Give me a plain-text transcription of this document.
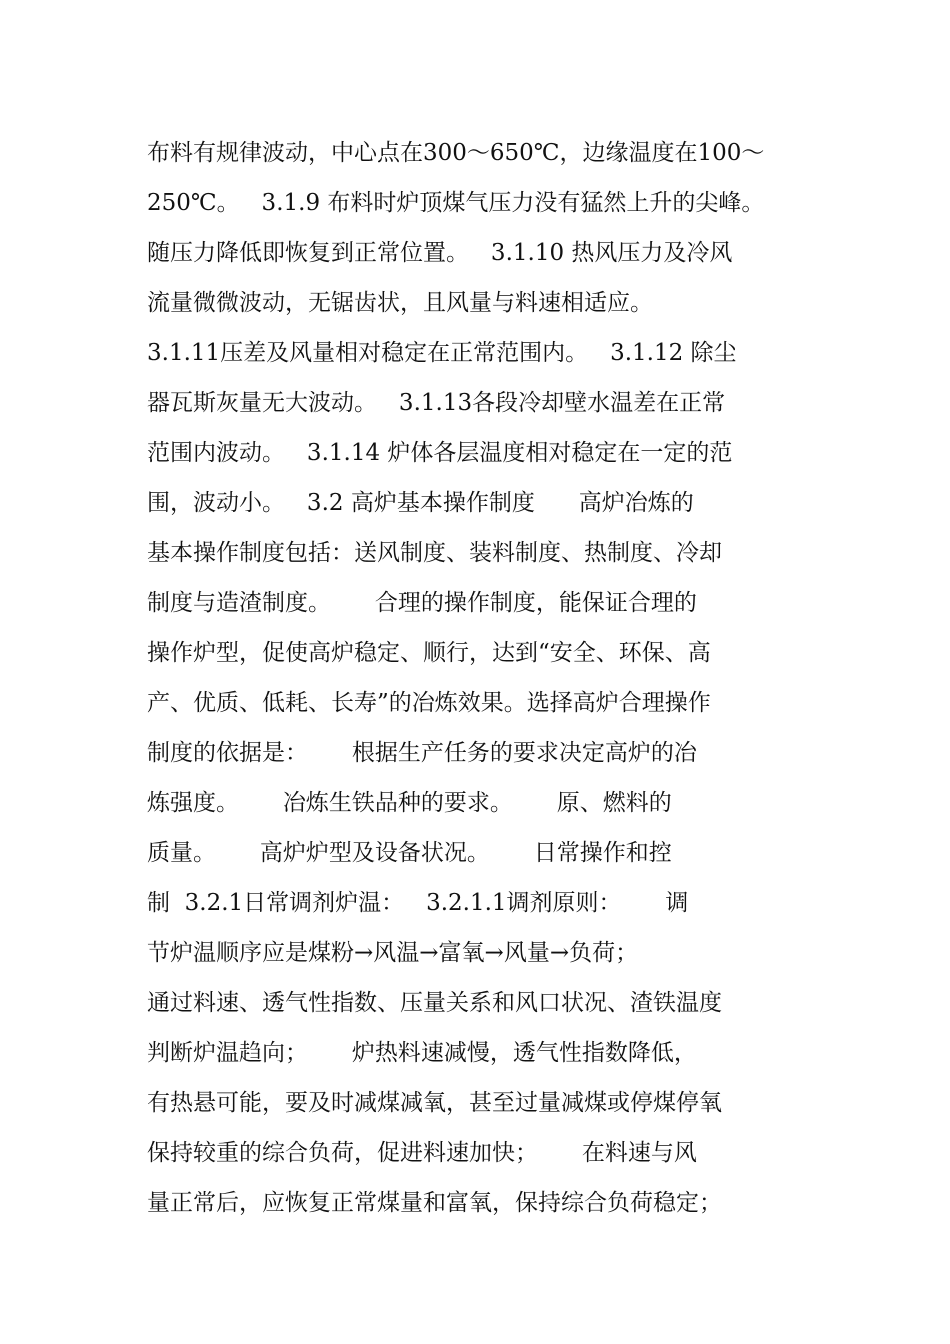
布料有规律波动，中心点在300～650℃，边缘温度在100～
250℃。   3.1.9 布料时炉顶煤气压力没有猛然上升的尖峰。
随压力降低即恢复到正常位置。   3.1.10 热风压力及冷风
流量微微波动，无锯齿状，且风量与料速相适应。
3.1.11压差及风量相对稳定在正常范围内。   3.1.12 除尘
器瓦斯灰量无大波动。   3.1.13各段冷却壁水温差在正常
范围内波动。   3.1.14 炉体各层温度相对稳定在一定的范
围，波动小。   3.2 高炉基本操作制度      高炉冶炼的
基本操作制度包括：送风制度、装料制度、热制度、冷却
制度与造渣制度。      合理的操作制度，能保证合理的
操作炉型，促使高炉稳定、顺行，达到“安全、环保、高
产、优质、低耗、长寿”的冶炼效果。选择高炉合理操作
制度的依据是：      根据生产任务的要求决定高炉的冶
炼强度。      冶炼生铁品种的要求。      原、燃料的
质量。      高炉炉型及设备状况。      日常操作和控
制  3.2.1日常调剂炉温：   3.2.1.1调剂原则：      调
节炉温顺序应是煤粉→风温→富氧→风量→负荷；
通过料速、透气性指数、压量关系和风口状况、渣铁温度
判断炉温趋向；      炉热料速减慢，透气性指数降低，
有热悬可能，要及时减煤减氧，甚至过量减煤或停煤停氧
保持较重的综合负荷，促进料速加快；      在料速与风
量正常后，应恢复正常煤量和富氧，保持综合负荷稳定；
